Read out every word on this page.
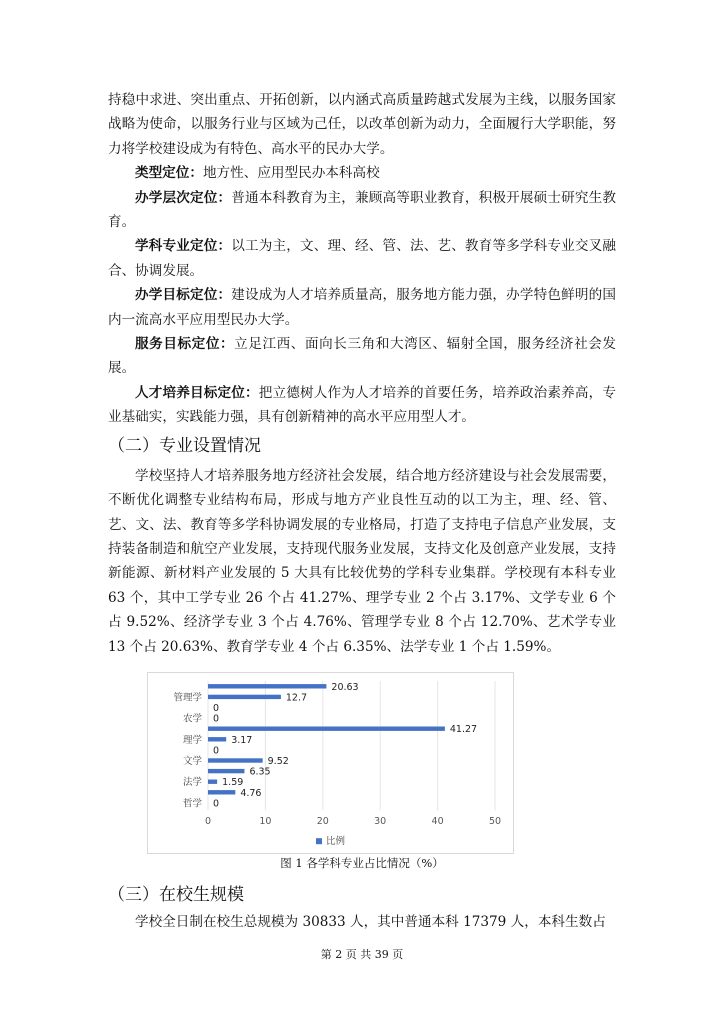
持稳中求进、突出重点、开拓创新，以内涵式高质量跨越式发展为主线，以服务国家战略为使命，以服务行业与区域为己任，以改革创新为动力，全面履行大学职能，努力将学校建设成为有特色、高水平的民办大学。

类型定位：地方性、应用型民办本科高校

办学层次定位：普通本科教育为主，兼顾高等职业教育，积极开展硕士研究生教育。

学科专业定位：以工为主，文、理、经、管、法、艺、教育等多学科专业交叉融合、协调发展。

办学目标定位：建设成为人才培养质量高，服务地方能力强，办学特色鲜明的国内一流高水平应用型民办大学。

服务目标定位：立足江西、面向长三角和大湾区、辐射全国，服务经济社会发展。

人才培养目标定位：把立德树人作为人才培养的首要任务，培养政治素养高，专业基础实，实践能力强，具有创新精神的高水平应用型人才。

（二）专业设置情况

学校坚持人才培养服务地方经济社会发展，结合地方经济建设与社会发展需要，不断优化调整专业结构布局，形成与地方产业良性互动的以工为主，理、经、管、艺、文、法、教育等多学科协调发展的专业格局，打造了支持电子信息产业发展，支持装备制造和航空产业发展，支持现代服务业发展，支持文化及创意产业发展，支持新能源、新材料产业发展的 5 大具有比较优势的学科专业集群。学校现有本科专业 63 个，其中工学专业 26 个占 41.27%、理学专业 2 个占 3.17%、文学专业 6 个占 9.52%、经济学专业 3 个占 4.76%、管理学专业 8 个占 12.70%、艺术学专业 13 个占 20.63%、教育学专业 4 个占 6.35%、法学专业 1 个占 1.59%。

0	10	20	30	40	50
20.63
12.7
管理学
0
0
农学
41.27
3.17
理学
0
9.52
文学
6.35
1.59
法学
4.76
0
哲学
比例
图 1 各学科专业占比情况（%）
（三）在校生规模

学校全日制在校生总规模为 30833 人，其中普通本科 17379 人，本科生数占

第 2 页 共 39 页
